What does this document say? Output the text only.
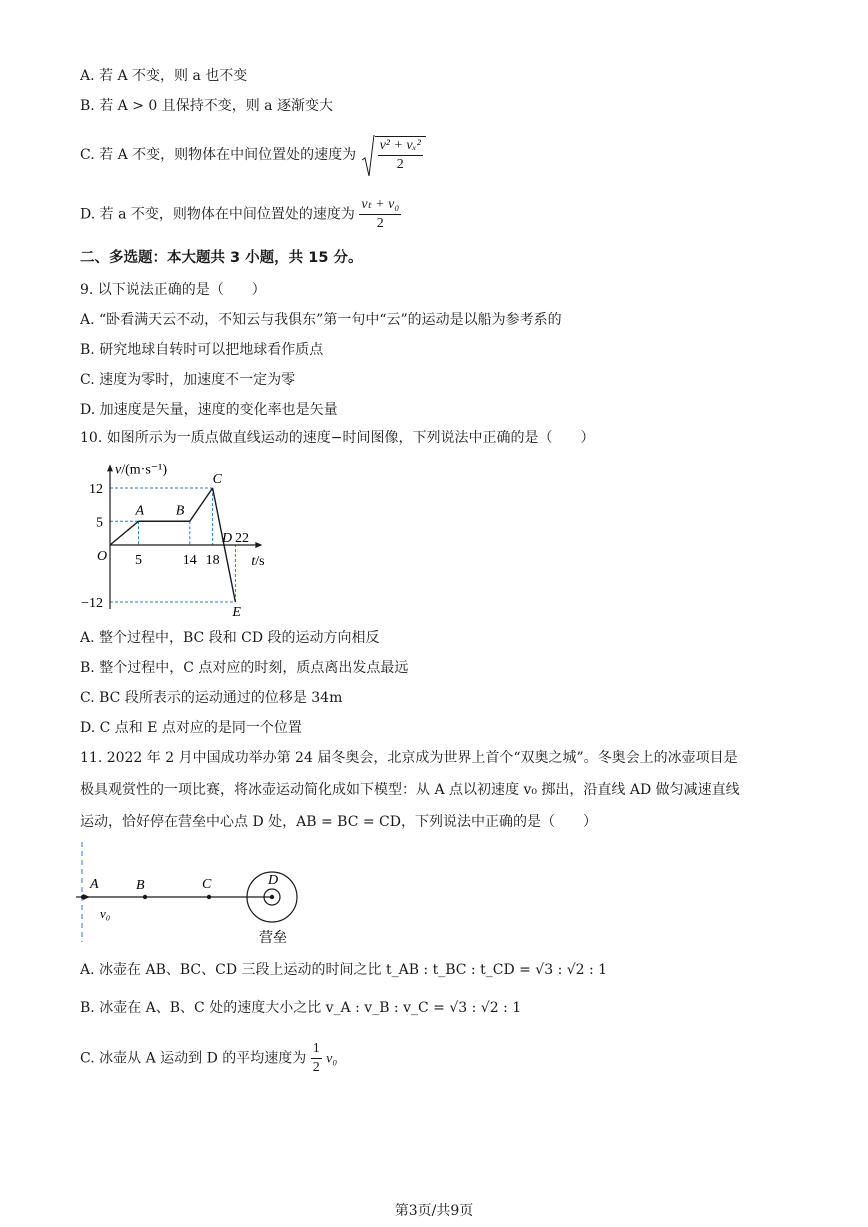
A. 若 A 不变，则 a 也不变
B. 若 A > 0 且保持不变，则 a 逐渐变大
C. 若 A 不变，则物体在中间位置处的速度为 $\frac{\text{v² + vₓ²}}{2}$
D. 若 a 不变，则物体在中间位置处的速度为 $\frac{\text{vₜ + v₀}}{2}$
二、多选题：本大题共 3 小题，共 15 分。
9. 以下说法正确的是（　　）
A. “卧看满天云不动，不知云与我俱东”第一句中“云”的运动是以船为参考系的
B. 研究地球自转时可以把地球看作质点
C. 速度为零时，加速度不一定为零
D. 加速度是矢量，速度的变化率也是矢量
10. 如图所示为一质点做直线运动的速度−时间图像，下列说法中正确的是（　　）
A B
C
D
E
O
12
5
−12
5	14 18
22
v/(m·s⁻¹)
t/s
A. 整个过程中，BC 段和 CD 段的运动方向相反
B. 整个过程中，C 点对应的时刻，质点离出发点最远
C. BC 段所表示的运动通过的位移是 34m
D. C 点和 E 点对应的是同一个位置
11. 2022 年 2 月中国成功举办第 24 届冬奥会，北京成为世界上首个“双奥之城”。冬奥会上的冰壶项目是
极具观赏性的一项比赛，将冰壶运动简化成如下模型：从 A 点以初速度 v₀ 掷出，沿直线 AD 做匀减速直线
运动，恰好停在营垒中心点 D 处，AB = BC = CD，下列说法中正确的是（　　）
A	B	C	D
v₀
营垒
A. 冰壶在 AB、BC、CD 三段上运动的时间之比 t_AB : t_BC : t_CD = √3 : √2 : 1
B. 冰壶在 A、B、C 处的速度大小之比 v_A : v_B : v_C = √3 : √2 : 1
C. 冰壶从 A 运动到 D 的平均速度为 $\frac{1}{2} v_0$
第3页/共9页
